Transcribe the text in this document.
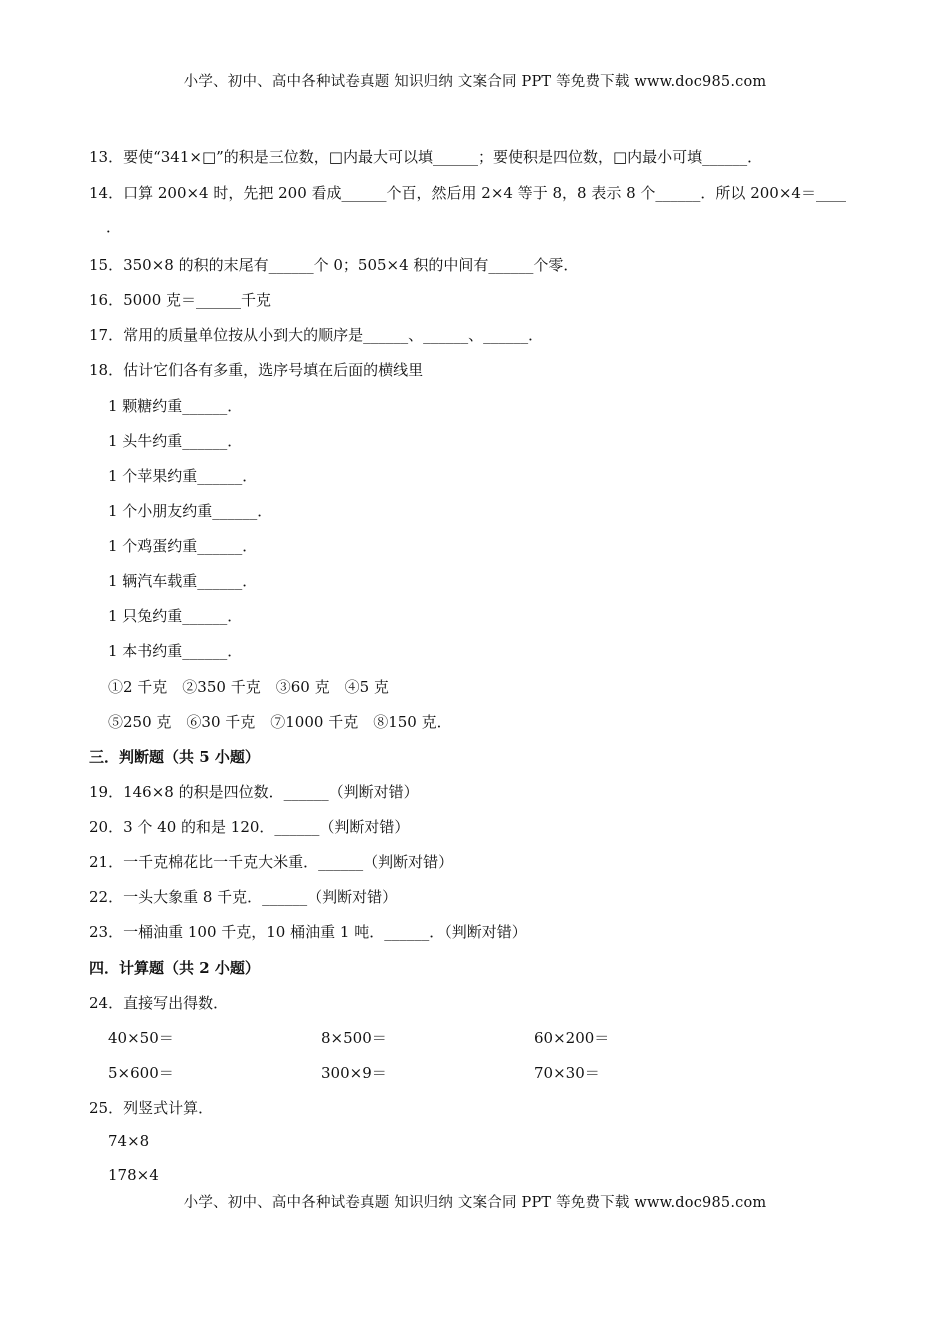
小学、初中、高中各种试卷真题 知识归纳 文案合同 PPT 等免费下载 www.doc985.com
13．要使“341×□”的积是三位数，□内最大可以填______；要使积是四位数，□内最小可填______．
14．口算 200×4 时，先把 200 看成______个百，然后用 2×4 等于 8，8 表示 8 个______．所以 200×4＝____
．
15．350×8 的积的末尾有______个 0；505×4 积的中间有______个零．
16．5000 克＝______千克
17．常用的质量单位按从小到大的顺序是______、______、______．
18．估计它们各有多重，选序号填在后面的横线里
1 颗糖约重______．
1 头牛约重______．
1 个苹果约重______．
1 个小朋友约重______．
1 个鸡蛋约重______．
1 辆汽车载重______．
1 只兔约重______．
1 本书约重______．
①2 千克　②350 千克　③60 克　④5 克
⑤250 克　⑥30 千克　⑦1000 千克　⑧150 克．
三．判断题（共 5 小题）
19．146×8 的积是四位数．______（判断对错）
20．3 个 40 的和是 120．______（判断对错）
21．一千克棉花比一千克大米重．______（判断对错）
22．一头大象重 8 千克．______（判断对错）
23．一桶油重 100 千克，10 桶油重 1 吨．______．（判断对错）
四．计算题（共 2 小题）
24．直接写出得数．
40×50＝	8×500＝	60×200＝
5×600＝	300×9＝	70×30＝
25．列竖式计算．
74×8
178×4
小学、初中、高中各种试卷真题 知识归纳 文案合同 PPT 等免费下载 www.doc985.com
